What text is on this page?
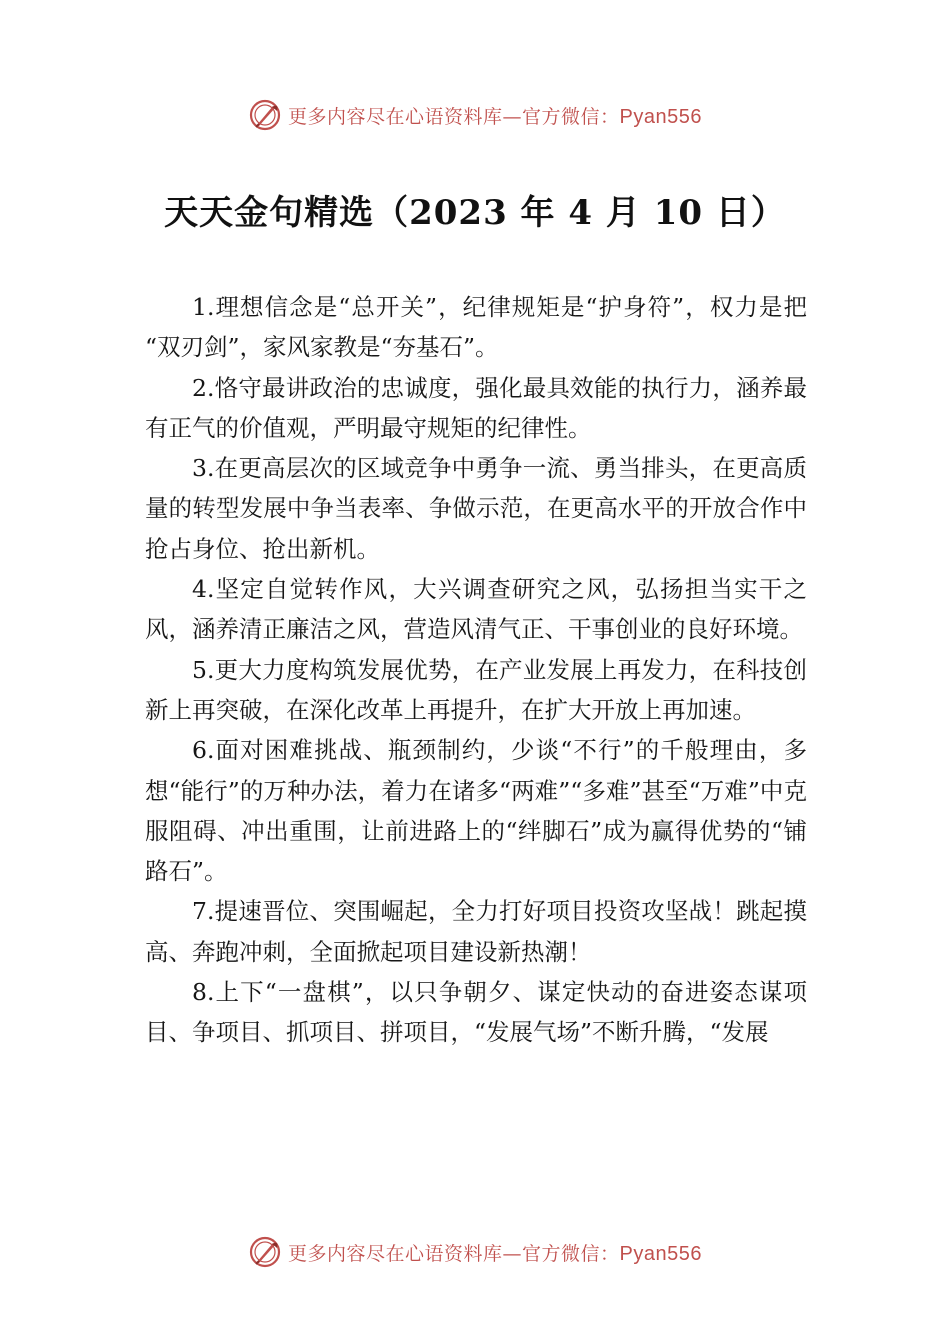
更多内容尽在心语资料库—官方微信：Pyan556
天天金句精选（2023 年 4 月 10 日）

1.理想信念是“总开关”，纪律规矩是“护身符”，权力是把 “双刃剑”，家风家教是“夯基石”。

2.恪守最讲政治的忠诚度，强化最具效能的执行力，涵养最有正气的价值观，严明最守规矩的纪律性。

3.在更高层次的区域竞争中勇争一流、勇当排头，在更高质量的转型发展中争当表率、争做示范，在更高水平的开放合作中抢占身位、抢出新机。

4.坚定自觉转作风，大兴调查研究之风，弘扬担当实干之风，涵养清正廉洁之风，营造风清气正、干事创业的良好环境。

5.更大力度构筑发展优势，在产业发展上再发力，在科技创新上再突破，在深化改革上再提升，在扩大开放上再加速。

6.面对困难挑战、瓶颈制约，少谈“不行”的千般理由，多想“能行”的万种办法，着力在诸多“两难”“多难”甚至“万难”中克服阻碍、冲出重围，让前进路上的“绊脚石”成为赢得优势的“铺路石”。

7.提速晋位、突围崛起，全力打好项目投资攻坚战！跳起摸高、奔跑冲刺，全面掀起项目建设新热潮！

8.上下“一盘棋”，以只争朝夕、谋定快动的奋进姿态谋项目、争项目、抓项目、拼项目，“发展气场”不断升腾，“发展

更多内容尽在心语资料库—官方微信：Pyan556
